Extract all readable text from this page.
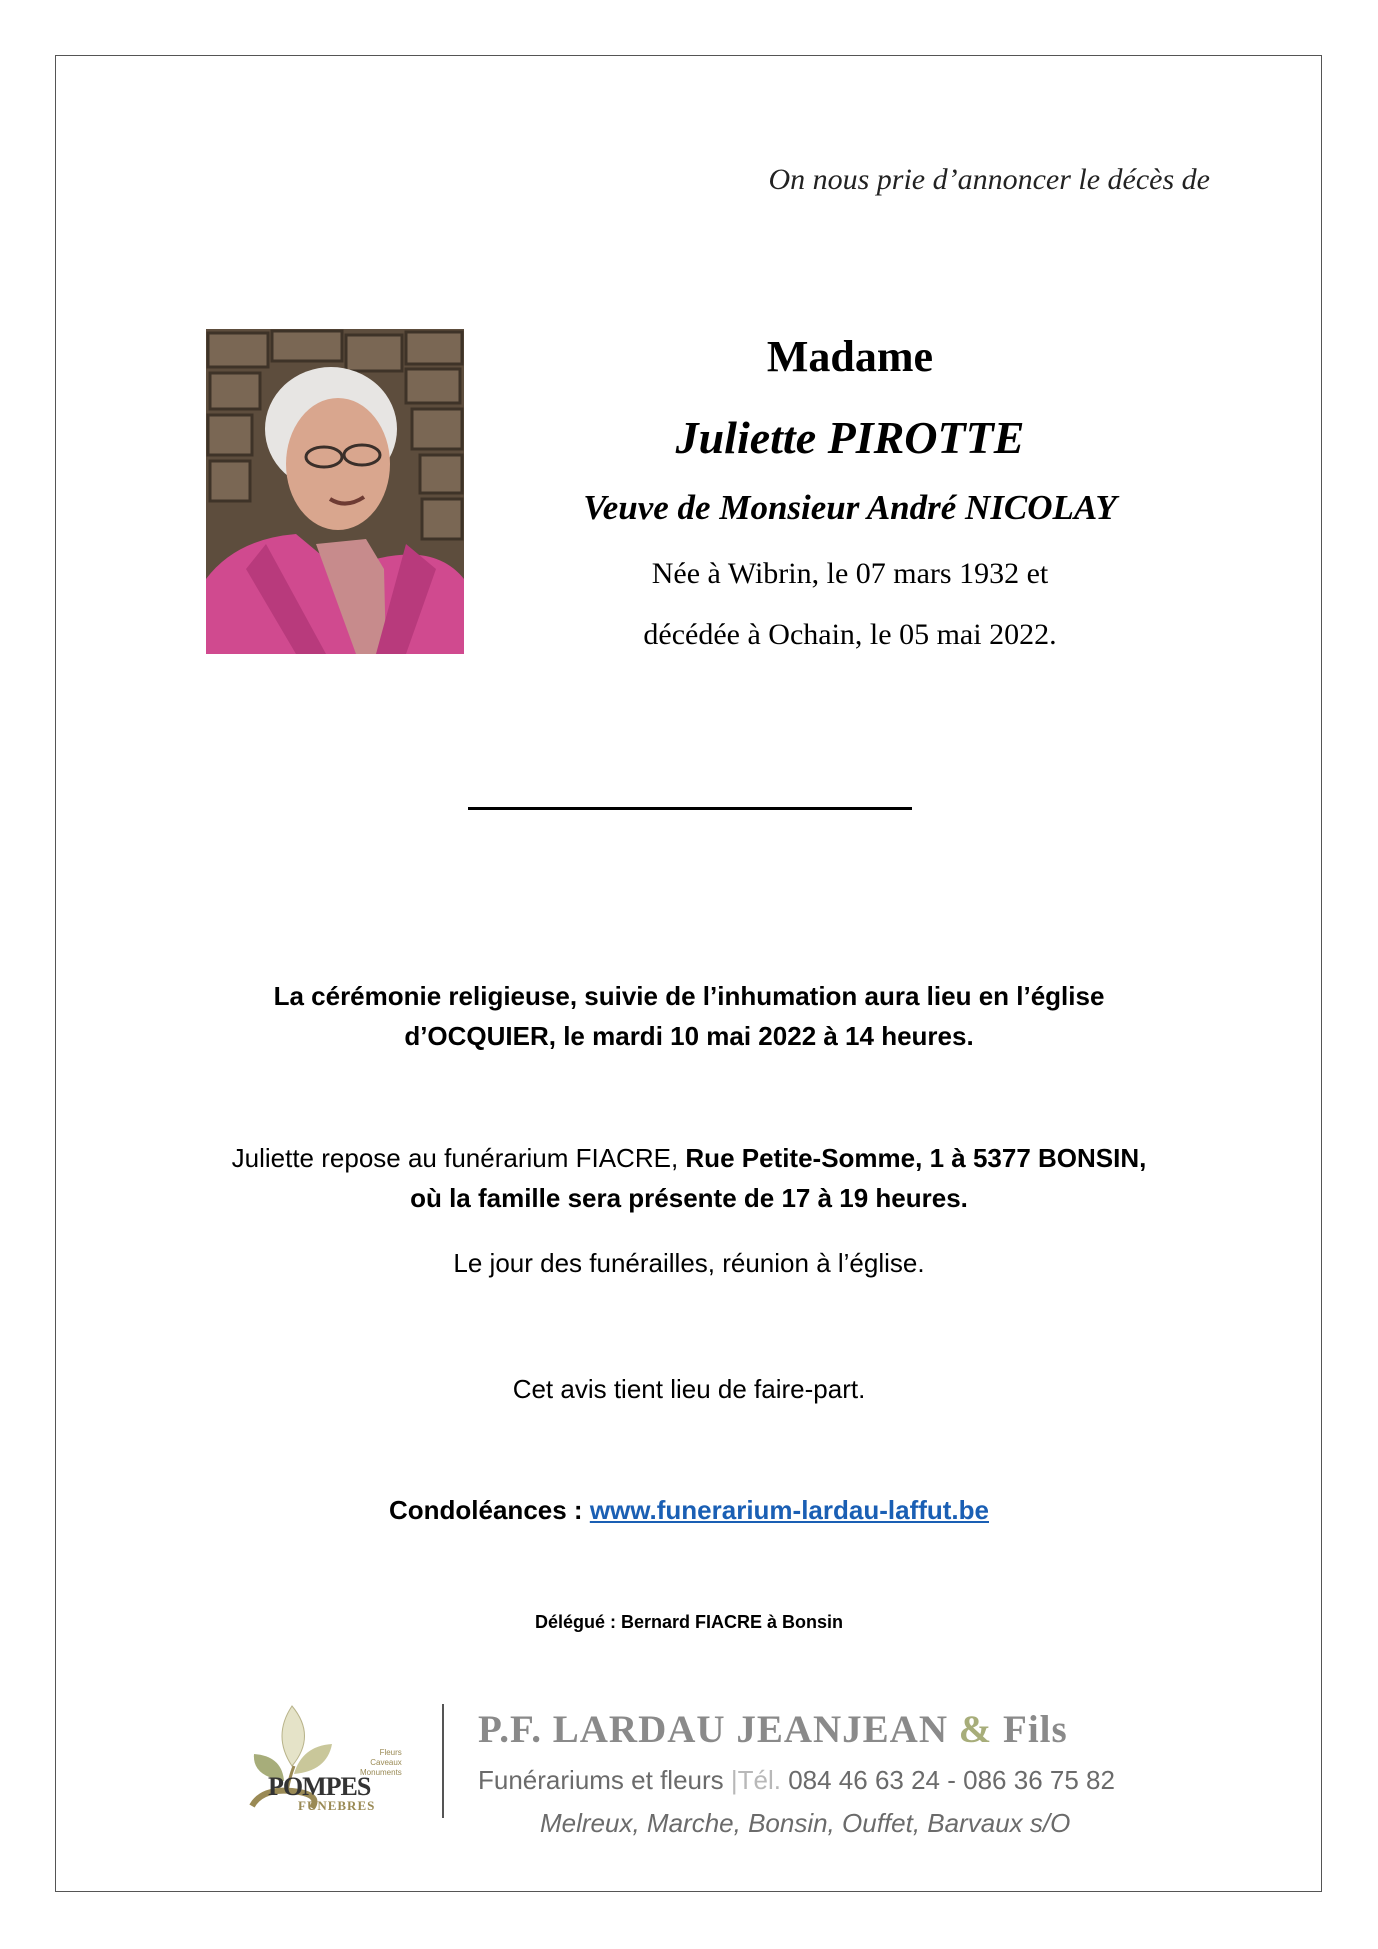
On nous prie d’annoncer le décès de
Madame
Juliette PIROTTE
Veuve de Monsieur André NICOLAY
Née à Wibrin, le 07 mars 1932 et
décédée à Ochain, le 05 mai 2022.
La cérémonie religieuse, suivie de l’inhumation aura lieu en l’église
d’OCQUIER, le mardi 10 mai 2022 à 14 heures.
Juliette repose au funérarium FIACRE, Rue Petite-Somme, 1 à 5377 BONSIN,
où la famille sera présente de 17 à 19 heures.
Le jour des funérailles, réunion à l’église.
Cet avis tient lieu de faire-part.
Condoléances : www.funerarium-lardau-laffut.be
Délégué : Bernard FIACRE à Bonsin
Fleurs
Caveaux
Monuments
POMPES
FUNEBRES
P.F. LARDAU JEANJEAN & Fils
Funérariums et fleurs |Tél. 084 46 63 24 - 086 36 75 82
Melreux, Marche, Bonsin, Ouffet, Barvaux s/O
